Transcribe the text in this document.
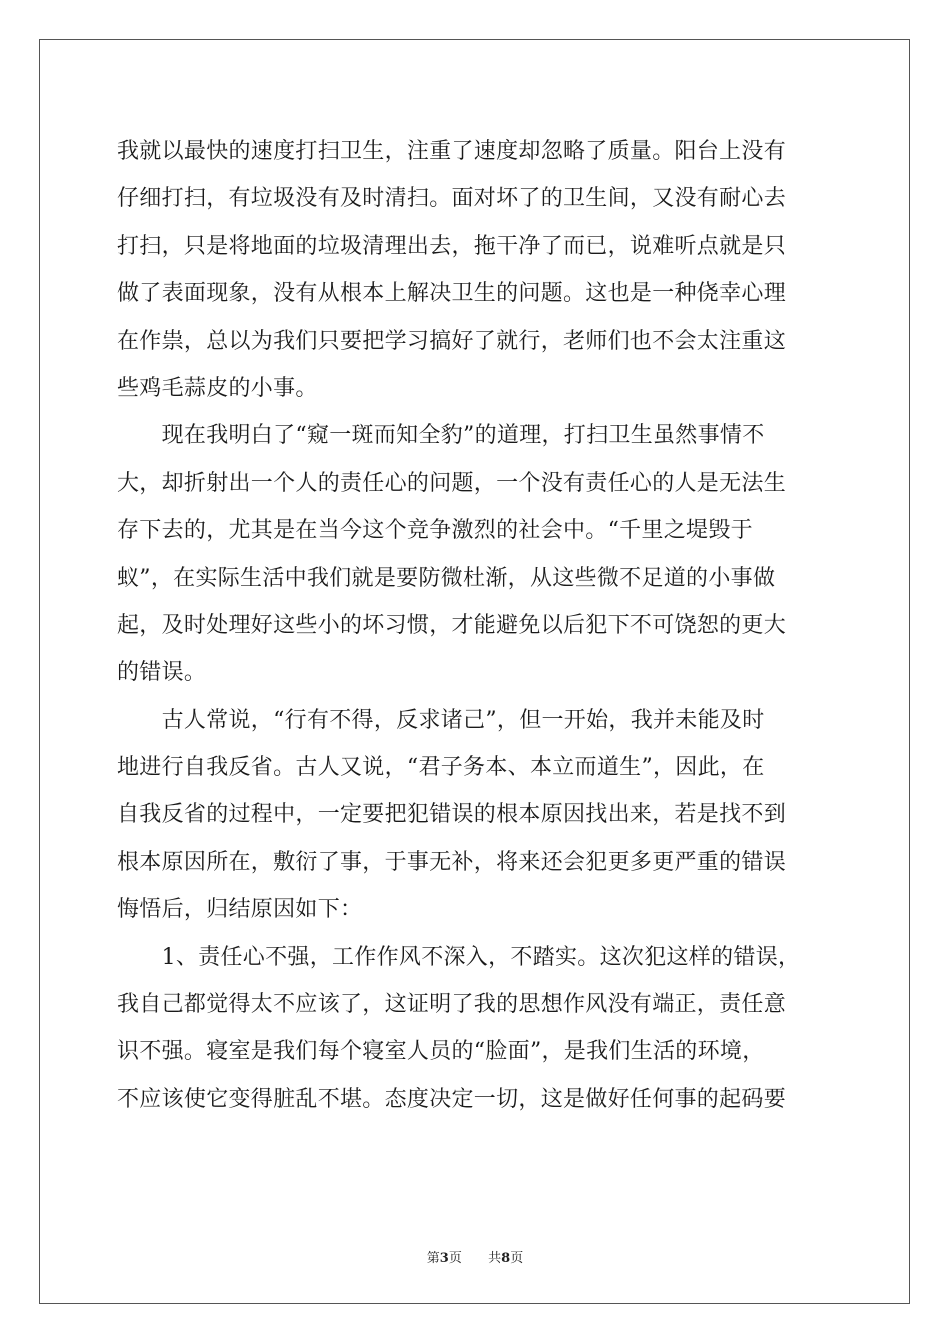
我就以最快的速度打扫卫生，注重了速度却忽略了质量。阳台上没有
仔细打扫，有垃圾没有及时清扫。面对坏了的卫生间，又没有耐心去
打扫，只是将地面的垃圾清理出去，拖干净了而已，说难听点就是只
做了表面现象，没有从根本上解决卫生的问题。这也是一种侥幸心理
在作祟，总以为我们只要把学习搞好了就行，老师们也不会太注重这
些鸡毛蒜皮的小事。
　　现在我明白了“窥一斑而知全豹”的道理，打扫卫生虽然事情不
大，却折射出一个人的责任心的问题，一个没有责任心的人是无法生
存下去的，尤其是在当今这个竞争激烈的社会中。“千里之堤毁于
蚁”，在实际生活中我们就是要防微杜渐，从这些微不足道的小事做
起，及时处理好这些小的坏习惯，才能避免以后犯下不可饶恕的更大
的错误。
　　古人常说，“行有不得，反求诸己”，但一开始，我并未能及时
地进行自我反省。古人又说，“君子务本、本立而道生”，因此，在
自我反省的过程中，一定要把犯错误的根本原因找出来，若是找不到
根本原因所在，敷衍了事，于事无补，将来还会犯更多更严重的错误
悔悟后，归结原因如下：
　　1、责任心不强，工作作风不深入，不踏实。这次犯这样的错误，
我自己都觉得太不应该了，这证明了我的思想作风没有端正，责任意
识不强。寝室是我们每个寝室人员的“脸面”，是我们生活的环境，
不应该使它变得脏乱不堪。态度决定一切，这是做好任何事的起码要
第3页 共8页
